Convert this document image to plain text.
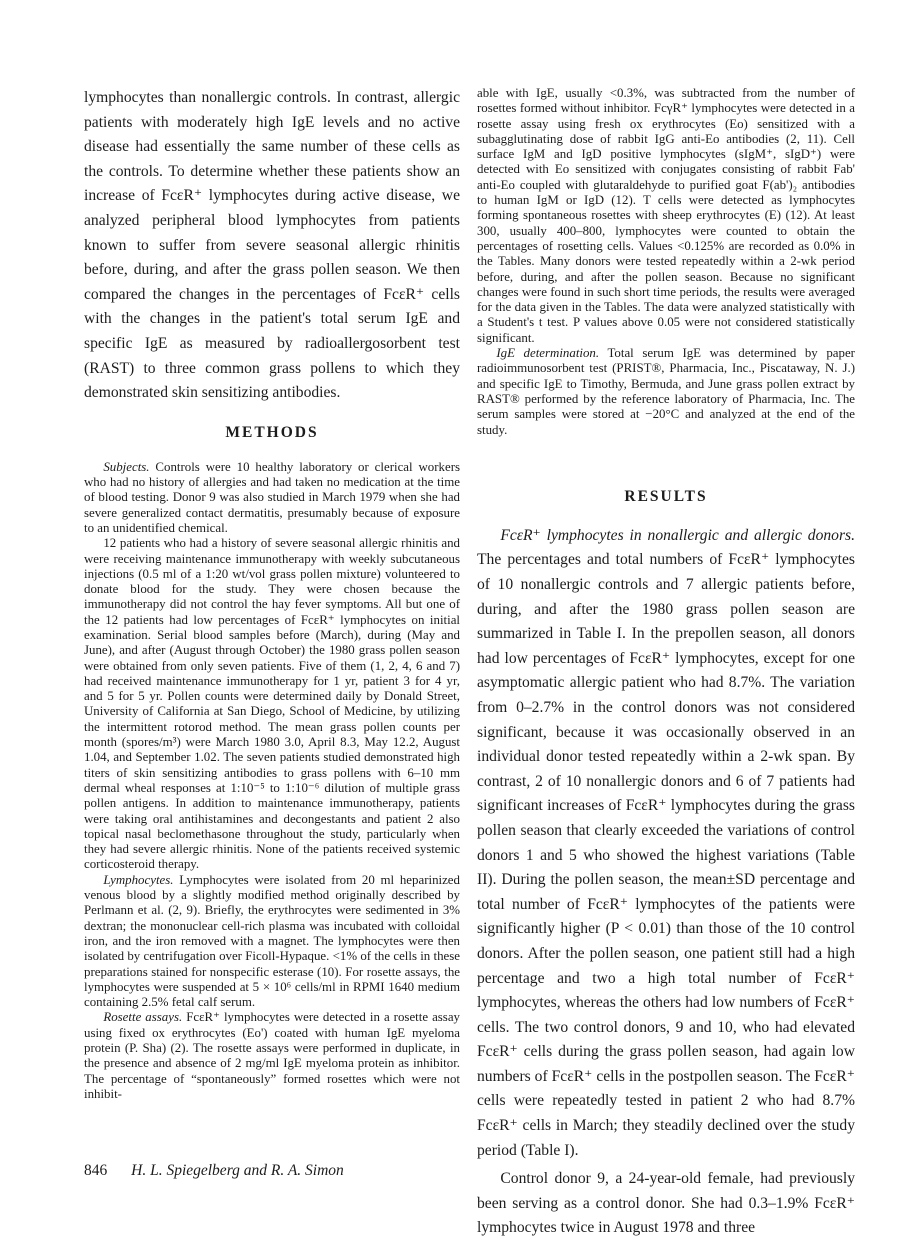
lymphocytes than nonallergic controls. In contrast, allergic patients with moderately high IgE levels and no active disease had essentially the same number of these cells as the controls. To determine whether these patients show an increase of FcεR⁺ lymphocytes during active disease, we analyzed peripheral blood lymphocytes from patients known to suffer from severe seasonal allergic rhinitis before, during, and after the grass pollen season. We then compared the changes in the percentages of FcεR⁺ cells with the changes in the patient's total serum IgE and specific IgE as measured by radioallergosorbent test (RAST) to three common grass pollens to which they demonstrated skin sensitizing antibodies.

METHODS

Subjects. Controls were 10 healthy laboratory or clerical workers who had no history of allergies and had taken no medication at the time of blood testing. Donor 9 was also studied in March 1979 when she had severe generalized contact dermatitis, presumably because of exposure to an unidentified chemical.

12 patients who had a history of severe seasonal allergic rhinitis and were receiving maintenance immunotherapy with weekly subcutaneous injections (0.5 ml of a 1:20 wt/vol grass pollen mixture) volunteered to donate blood for the study. They were chosen because the immunotherapy did not control the hay fever symptoms. All but one of the 12 patients had low percentages of FcεR⁺ lymphocytes on initial examination. Serial blood samples before (March), during (May and June), and after (August through October) the 1980 grass pollen season were obtained from only seven patients. Five of them (1, 2, 4, 6 and 7) had received maintenance immunotherapy for 1 yr, patient 3 for 4 yr, and 5 for 5 yr. Pollen counts were determined daily by Donald Street, University of California at San Diego, School of Medicine, by utilizing the intermittent rotorod method. The mean grass pollen counts per month (spores/m³) were March 1980 3.0, April 8.3, May 12.2, August 1.04, and September 1.02. The seven patients studied demonstrated high titers of skin sensitizing antibodies to grass pollens with 6–10 mm dermal wheal responses at 1:10⁻⁵ to 1:10⁻⁶ dilution of multiple grass pollen antigens. In addition to maintenance immunotherapy, patients were taking oral antihistamines and decongestants and patient 2 also topical nasal beclomethasone throughout the study, particularly when they had severe allergic rhinitis. None of the patients received systemic corticosteroid therapy.

Lymphocytes. Lymphocytes were isolated from 20 ml heparinized venous blood by a slightly modified method originally described by Perlmann et al. (2, 9). Briefly, the erythrocytes were sedimented in 3% dextran; the mononuclear cell-rich plasma was incubated with colloidal iron, and the iron removed with a magnet. The lymphocytes were then isolated by centrifugation over Ficoll-Hypaque. <1% of the cells in these preparations stained for nonspecific esterase (10). For rosette assays, the lymphocytes were suspended at 5 × 10⁶ cells/ml in RPMI 1640 medium containing 2.5% fetal calf serum.

Rosette assays. FcεR⁺ lymphocytes were detected in a rosette assay using fixed ox erythrocytes (Eo') coated with human IgE myeloma protein (P. Sha) (2). The rosette assays were performed in duplicate, in the presence and absence of 2 mg/ml IgE myeloma protein as inhibitor. The percentage of “spontaneously” formed rosettes which were not inhibit-

able with IgE, usually <0.3%, was subtracted from the number of rosettes formed without inhibitor. FcγR⁺ lymphocytes were detected in a rosette assay using fresh ox erythrocytes (Eo) sensitized with a subagglutinating dose of rabbit IgG anti-Eo antibodies (2, 11). Cell surface IgM and IgD positive lymphocytes (sIgM⁺, sIgD⁺) were detected with Eo sensitized with conjugates consisting of rabbit Fab' anti-Eo coupled with glutaraldehyde to purified goat F(ab')₂ antibodies to human IgM or IgD (12). T cells were detected as lymphocytes forming spontaneous rosettes with sheep erythrocytes (E) (12). At least 300, usually 400–800, lymphocytes were counted to obtain the percentages of rosetting cells. Values <0.125% are recorded as 0.0% in the Tables. Many donors were tested repeatedly within a 2-wk period before, during, and after the pollen season. Because no significant changes were found in such short time periods, the results were averaged for the data given in the Tables. The data were analyzed statistically with a Student's t test. P values above 0.05 were not considered statistically significant.

IgE determination. Total serum IgE was determined by paper radioimmunosorbent test (PRIST®, Pharmacia, Inc., Piscataway, N. J.) and specific IgE to Timothy, Bermuda, and June grass pollen extract by RAST® performed by the reference laboratory of Pharmacia, Inc. The serum samples were stored at −20°C and analyzed at the end of the study.

RESULTS

FcεR⁺ lymphocytes in nonallergic and allergic donors. The percentages and total numbers of FcεR⁺ lymphocytes of 10 nonallergic controls and 7 allergic patients before, during, and after the 1980 grass pollen season are summarized in Table I. In the prepollen season, all donors had low percentages of FcεR⁺ lymphocytes, except for one asymptomatic allergic patient who had 8.7%. The variation from 0–2.7% in the control donors was not considered significant, because it was occasionally observed in an individual donor tested repeatedly within a 2-wk span. By contrast, 2 of 10 nonallergic donors and 6 of 7 patients had significant increases of FcεR⁺ lymphocytes during the grass pollen season that clearly exceeded the variations of control donors 1 and 5 who showed the highest variations (Table II). During the pollen season, the mean±SD percentage and total number of FcεR⁺ lymphocytes of the patients were significantly higher (P < 0.01) than those of the 10 control donors. After the pollen season, one patient still had a high percentage and two a high total number of FcεR⁺ lymphocytes, whereas the others had low numbers of FcεR⁺ cells. The two control donors, 9 and 10, who had elevated FcεR⁺ cells during the grass pollen season, had again low numbers of FcεR⁺ cells in the postpollen season. The FcεR⁺ cells were repeatedly tested in patient 2 who had 8.7% FcεR⁺ cells in March; they steadily declined over the study period (Table I).

Control donor 9, a 24-year-old female, had previously been serving as a control donor. She had 0.3–1.9% FcεR⁺ lymphocytes twice in August 1978 and three

846 H. L. Spiegelberg and R. A. Simon
